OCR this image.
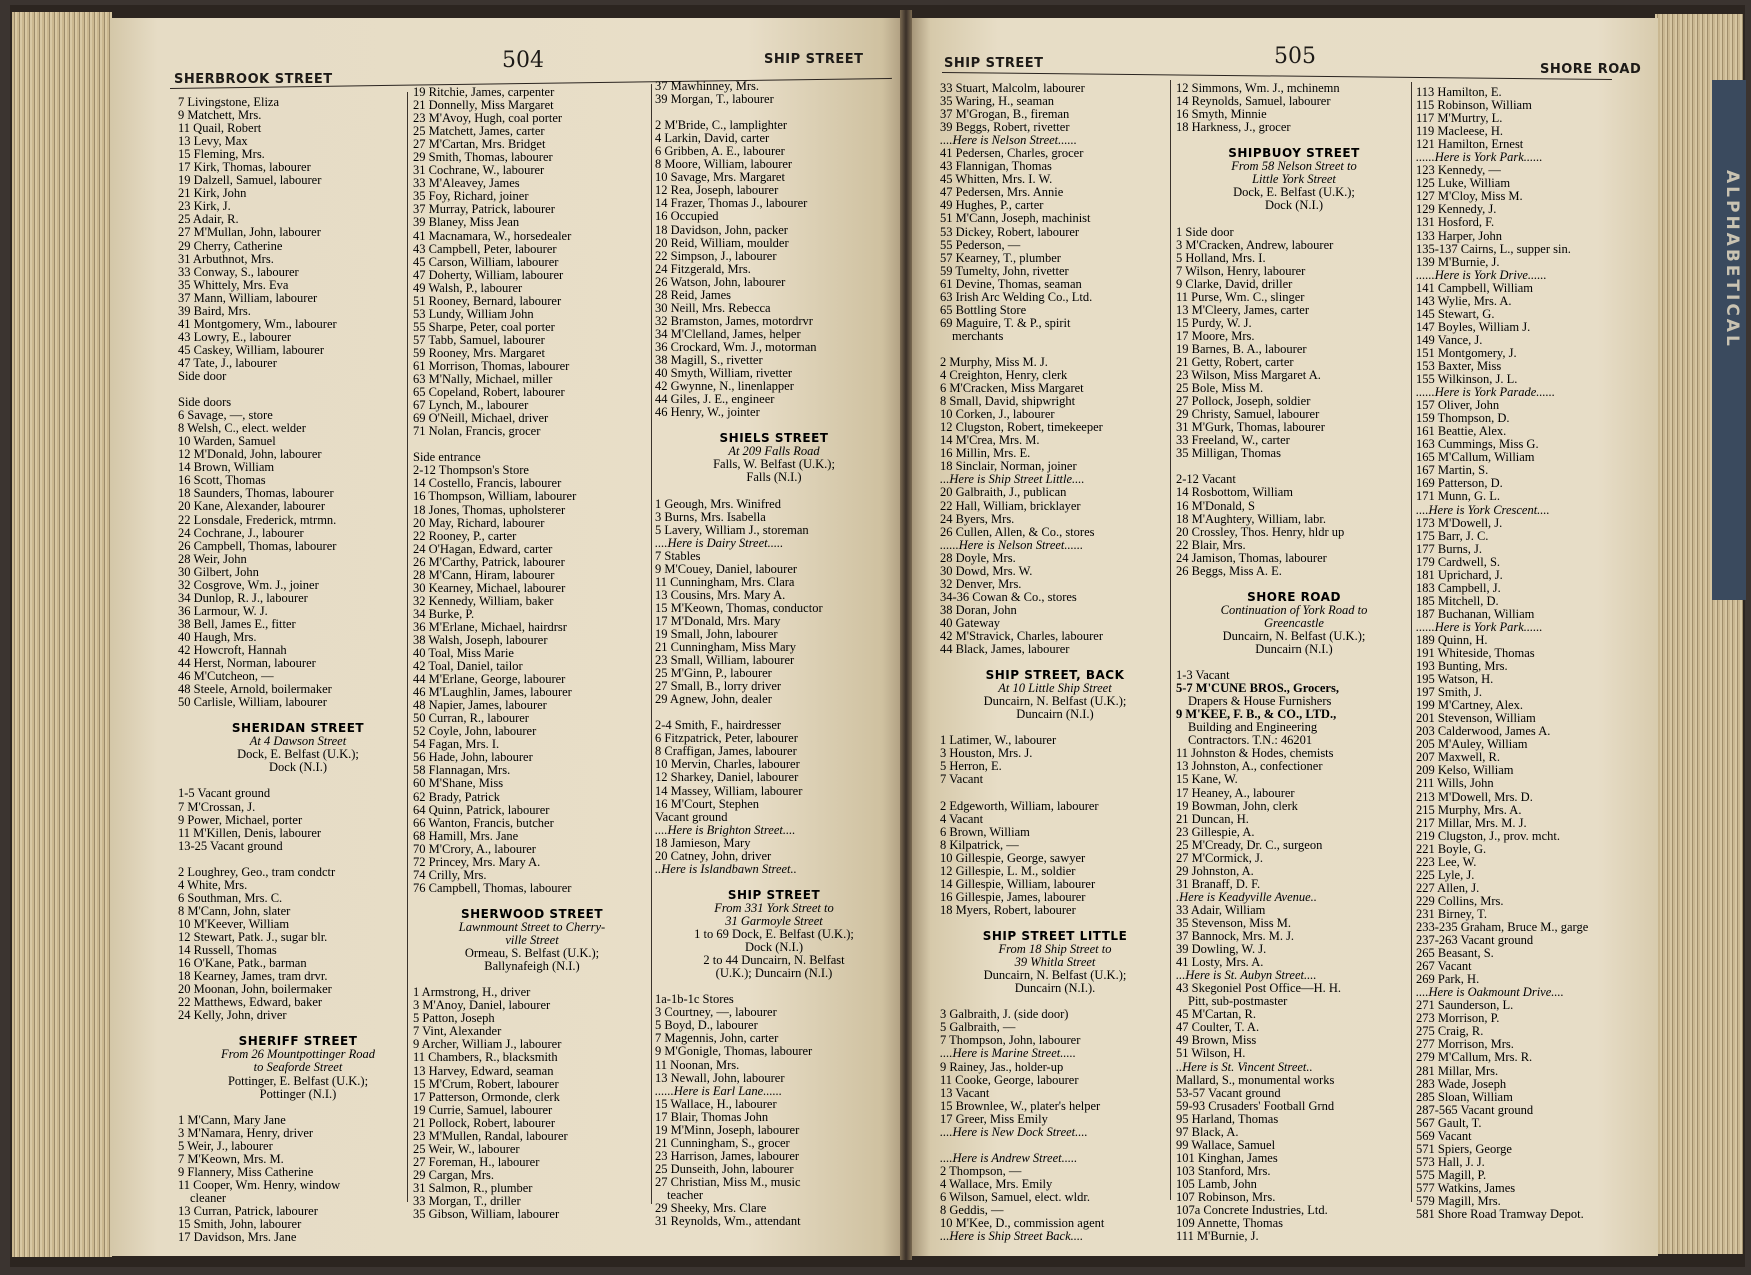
SHERBROOK STREET
504	SHIP STREET	SHIP STREET	505
SHORE ROAD
ALPHABETICAL
7 Livingstone, Eliza
9 Matchett, Mrs.
11 Quail, Robert
13 Levy, Max
15 Fleming, Mrs.
17 Kirk, Thomas, labourer
19 Dalzell, Samuel, labourer
21 Kirk, John
23 Kirk, J.
25 Adair, R.
27 M'Mullan, John, labourer
29 Cherry, Catherine
31 Arbuthnot, Mrs.
33 Conway, S., labourer
35 Whittely, Mrs. Eva
37 Mann, William, labourer
39 Baird, Mrs.
41 Montgomery, Wm., labourer
43 Lowry, E., labourer
45 Caskey, William, labourer
47 Tate, J., labourer
Side door
Side doors
6 Savage, —, store
8 Welsh, C., elect. welder
10 Warden, Samuel
12 M'Donald, John, labourer
14 Brown, William
16 Scott, Thomas
18 Saunders, Thomas, labourer
20 Kane, Alexander, labourer
22 Lonsdale, Frederick, mtrmn.
24 Cochrane, J., labourer
26 Campbell, Thomas, labourer
28 Weir, John
30 Gilbert, John
32 Cosgrove, Wm. J., joiner
34 Dunlop, R. J., labourer
36 Larmour, W. J.
38 Bell, James E., fitter
40 Haugh, Mrs.
42 Howcroft, Hannah
44 Herst, Norman, labourer
46 M'Cutcheon, —
48 Steele, Arnold, boilermaker
50 Carlisle, William, labourer
SHERIDAN STREET
At 4 Dawson Street
Dock, E. Belfast (U.K.);
Dock (N.I.)
1-5 Vacant ground
7 M'Crossan, J.
9 Power, Michael, porter
11 M'Killen, Denis, labourer
13-25 Vacant ground
2 Loughrey, Geo., tram condctr
4 White, Mrs.
6 Southman, Mrs. C.
8 M'Cann, John, slater
10 M'Keever, William
12 Stewart, Patk. J., sugar blr.
14 Russell, Thomas
16 O'Kane, Patk., barman
18 Kearney, James, tram drvr.
20 Moonan, John, boilermaker
22 Matthews, Edward, baker
24 Kelly, John, driver
SHERIFF STREET
From 26 Mountpottinger Road
to Seaforde Street
Pottinger, E. Belfast (U.K.);
Pottinger (N.I.)
1 M'Cann, Mary Jane
3 M'Namara, Henry, driver
5 Weir, J., labourer
7 M'Keown, Mrs. M.
9 Flannery, Miss Catherine
11 Cooper, Wm. Henry, window
cleaner
13 Curran, Patrick, labourer
15 Smith, John, labourer
17 Davidson, Mrs. Jane
19 Ritchie, James, carpenter
21 Donnelly, Miss Margaret
23 M'Avoy, Hugh, coal porter
25 Matchett, James, carter
27 M'Cartan, Mrs. Bridget
29 Smith, Thomas, labourer
31 Cochrane, W., labourer
33 M'Aleavey, James
35 Foy, Richard, joiner
37 Murray, Patrick, labourer
39 Blaney, Miss Jean
41 Macnamara, W., horsedealer
43 Campbell, Peter, labourer
45 Carson, William, labourer
47 Doherty, William, labourer
49 Walsh, P., labourer
51 Rooney, Bernard, labourer
53 Lundy, William John
55 Sharpe, Peter, coal porter
57 Tabb, Samuel, labourer
59 Rooney, Mrs. Margaret
61 Morrison, Thomas, labourer
63 M'Nally, Michael, miller
65 Copeland, Robert, labourer
67 Lynch, M., labourer
69 O'Neill, Michael, driver
71 Nolan, Francis, grocer
Side entrance
2-12 Thompson's Store
14 Costello, Francis, labourer
16 Thompson, William, labourer
18 Jones, Thomas, upholsterer
20 May, Richard, labourer
22 Rooney, P., carter
24 O'Hagan, Edward, carter
26 M'Carthy, Patrick, labourer
28 M'Cann, Hiram, labourer
30 Kearney, Michael, labourer
32 Kennedy, William, baker
34 Burke, P.
36 M'Erlane, Michael, hairdrsr
38 Walsh, Joseph, labourer
40 Toal, Miss Marie
42 Toal, Daniel, tailor
44 M'Erlane, George, labourer
46 M'Laughlin, James, labourer
48 Napier, James, labourer
50 Curran, R., labourer
52 Coyle, John, labourer
54 Fagan, Mrs. I.
56 Hade, John, labourer
58 Flannagan, Mrs.
60 M'Shane, Miss
62 Brady, Patrick
64 Quinn, Patrick, labourer
66 Wanton, Francis, butcher
68 Hamill, Mrs. Jane
70 M'Crory, A., labourer
72 Princey, Mrs. Mary A.
74 Crilly, Mrs.
76 Campbell, Thomas, labourer
SHERWOOD STREET
Lawnmount Street to Cherry-
ville Street
Ormeau, S. Belfast (U.K.);
Ballynafeigh (N.I.)
1 Armstrong, H., driver
3 M'Anoy, Daniel, labourer
5 Patton, Joseph
7 Vint, Alexander
9 Archer, William J., labourer
11 Chambers, R., blacksmith
13 Harvey, Edward, seaman
15 M'Crum, Robert, labourer
17 Patterson, Ormonde, clerk
19 Currie, Samuel, labourer
21 Pollock, Robert, labourer
23 M'Mullen, Randal, labourer
25 Weir, W., labourer
27 Foreman, H., labourer
29 Cargan, Mrs.
31 Salmon, R., plumber
33 Morgan, T., driller
35 Gibson, William, labourer
37 Mawhinney, Mrs.
39 Morgan, T., labourer
2 M'Bride, C., lamplighter
4 Larkin, David, carter
6 Gribben, A. E., labourer
8 Moore, William, labourer
10 Savage, Mrs. Margaret
12 Rea, Joseph, labourer
14 Frazer, Thomas J., labourer
16 Occupied
18 Davidson, John, packer
20 Reid, William, moulder
22 Simpson, J., labourer
24 Fitzgerald, Mrs.
26 Watson, John, labourer
28 Reid, James
30 Neill, Mrs. Rebecca
32 Bramston, James, motordrvr
34 M'Clelland, James, helper
36 Crockard, Wm. J., motorman
38 Magill, S., rivetter
40 Smyth, William, rivetter
42 Gwynne, N., linenlapper
44 Giles, J. E., engineer
46 Henry, W., jointer
SHIELS STREET
At 209 Falls Road
Falls, W. Belfast (U.K.);
Falls (N.I.)
1 Geough, Mrs. Winifred
3 Burns, Mrs. Isabella
5 Lavery, William J., storeman
....Here is Dairy Street.....
7 Stables
9 M'Couey, Daniel, labourer
11 Cunningham, Mrs. Clara
13 Cousins, Mrs. Mary A.
15 M'Keown, Thomas, conductor
17 M'Donald, Mrs. Mary
19 Small, John, labourer
21 Cunningham, Miss Mary
23 Small, William, labourer
25 M'Ginn, P., labourer
27 Small, B., lorry driver
29 Agnew, John, dealer
2-4 Smith, F., hairdresser
6 Fitzpatrick, Peter, labourer
8 Craffigan, James, labourer
10 Mervin, Charles, labourer
12 Sharkey, Daniel, labourer
14 Massey, William, labourer
16 M'Court, Stephen
Vacant ground
....Here is Brighton Street....
18 Jamieson, Mary
20 Catney, John, driver
..Here is Islandbawn Street..
SHIP STREET
From 331 York Street to
31 Garmoyle Street
1 to 69 Dock, E. Belfast (U.K.);
Dock (N.I.)
2 to 44 Duncairn, N. Belfast
(U.K.); Duncairn (N.I.)
1a-1b-1c Stores
3 Courtney, —, labourer
5 Boyd, D., labourer
7 Magennis, John, carter
9 M'Gonigle, Thomas, labourer
11 Noonan, Mrs.
13 Newall, John, labourer
......Here is Earl Lane......
15 Wallace, H., labourer
17 Blair, Thomas John
19 M'Minn, Joseph, labourer
21 Cunningham, S., grocer
23 Harrison, James, labourer
25 Dunseith, John, labourer
27 Christian, Miss M., music
teacher
29 Sheeky, Mrs. Clare
31 Reynolds, Wm., attendant
33 Stuart, Malcolm, labourer
35 Waring, H., seaman
37 M'Grogan, B., fireman
39 Beggs, Robert, rivetter
....Here is Nelson Street......
41 Pedersen, Charles, grocer
43 Flannigan, Thomas
45 Whitten, Mrs. I. W.
47 Pedersen, Mrs. Annie
49 Hughes, P., carter
51 M'Cann, Joseph, machinist
53 Dickey, Robert, labourer
55 Pederson, —
57 Kearney, T., plumber
59 Tumelty, John, rivetter
61 Devine, Thomas, seaman
63 Irish Arc Welding Co., Ltd.
65 Bottling Store
69 Maguire, T. & P., spirit
merchants
2 Murphy, Miss M. J.
4 Creighton, Henry, clerk
6 M'Cracken, Miss Margaret
8 Small, David, shipwright
10 Corken, J., labourer
12 Clugston, Robert, timekeeper
14 M'Crea, Mrs. M.
16 Millin, Mrs. E.
18 Sinclair, Norman, joiner
...Here is Ship Street Little....
20 Galbraith, J., publican
22 Hall, William, bricklayer
24 Byers, Mrs.
26 Cullen, Allen, & Co., stores
......Here is Nelson Street......
28 Doyle, Mrs.
30 Dowd, Mrs. W.
32 Denver, Mrs.
34-36 Cowan & Co., stores
38 Doran, John
40 Gateway
42 M'Stravick, Charles, labourer
44 Black, James, labourer
SHIP STREET, BACK
At 10 Little Ship Street
Duncairn, N. Belfast (U.K.);
Duncairn (N.I.)
1 Latimer, W., labourer
3 Houston, Mrs. J.
5 Herron, E.
7 Vacant
2 Edgeworth, William, labourer
4 Vacant
6 Brown, William
8 Kilpatrick, —
10 Gillespie, George, sawyer
12 Gillespie, L. M., soldier
14 Gillespie, William, labourer
16 Gillespie, James, labourer
18 Myers, Robert, labourer
SHIP STREET LITTLE
From 18 Ship Street to
39 Whitla Street
Duncairn, N. Belfast (U.K.);
Duncairn (N.I.).
3 Galbraith, J. (side door)
5 Galbraith, —
7 Thompson, John, labourer
....Here is Marine Street.....
9 Rainey, Jas., holder-up
11 Cooke, George, labourer
13 Vacant
15 Brownlee, W., plater's helper
17 Greer, Miss Emily
....Here is New Dock Street....
....Here is Andrew Street.....
2 Thompson, —
4 Wallace, Mrs. Emily
6 Wilson, Samuel, elect. wldr.
8 Geddis, —
10 M'Kee, D., commission agent
...Here is Ship Street Back....
12 Simmons, Wm. J., mchinemn
14 Reynolds, Samuel, labourer
16 Smyth, Minnie
18 Harkness, J., grocer
SHIPBUOY STREET
From 58 Nelson Street to
Little York Street
Dock, E. Belfast (U.K.);
Dock (N.I.)
1 Side door
3 M'Cracken, Andrew, labourer
5 Holland, Mrs. I.
7 Wilson, Henry, labourer
9 Clarke, David, driller
11 Purse, Wm. C., slinger
13 M'Cleery, James, carter
15 Purdy, W. J.
17 Moore, Mrs.
19 Barnes, B. A., labourer
21 Getty, Robert, carter
23 Wilson, Miss Margaret A.
25 Bole, Miss M.
27 Pollock, Joseph, soldier
29 Christy, Samuel, labourer
31 M'Gurk, Thomas, labourer
33 Freeland, W., carter
35 Milligan, Thomas
2-12 Vacant
14 Rosbottom, William
16 M'Donald, S
18 M'Aughtery, William, labr.
20 Crossley, Thos. Henry, hldr up
22 Blair, Mrs.
24 Jamison, Thomas, labourer
26 Beggs, Miss A. E.
SHORE ROAD
Continuation of York Road to
Greencastle
Duncairn, N. Belfast (U.K.);
Duncairn (N.I.)
1-3 Vacant
5-7 M'CUNE BROS., Grocers,
Drapers & House Furnishers
9 M'KEE, F. B., & CO., LTD.,
Building and Engineering
Contractors. T.N.: 46201
11 Johnston & Hodes, chemists
13 Johnston, A., confectioner
15 Kane, W.
17 Heaney, A., labourer
19 Bowman, John, clerk
21 Duncan, H.
23 Gillespie, A.
25 M'Cready, Dr. C., surgeon
27 M'Cormick, J.
29 Johnston, A.
31 Branaff, D. F.
.Here is Keadyville Avenue..
33 Adair, William
35 Stevenson, Miss M.
37 Bannock, Mrs. M. J.
39 Dowling, W. J.
41 Losty, Mrs. A.
...Here is St. Aubyn Street....
43 Skegoniel Post Office—H. H.
Pitt, sub-postmaster
45 M'Cartan, R.
47 Coulter, T. A.
49 Brown, Miss
51 Wilson, H.
..Here is St. Vincent Street..
Mallard, S., monumental works
53-57 Vacant ground
59-93 Crusaders' Football Grnd
95 Harland, Thomas
97 Black, A.
99 Wallace, Samuel
101 Kinghan, James
103 Stanford, Mrs.
105 Lamb, John
107 Robinson, Mrs.
107a Concrete Industries, Ltd.
109 Annette, Thomas
111 M'Burnie, J.
113 Hamilton, E.
115 Robinson, William
117 M'Murtry, L.
119 Macleese, H.
121 Hamilton, Ernest
......Here is York Park......
123 Kennedy, —
125 Luke, William
127 M'Cloy, Miss M.
129 Kennedy, J.
131 Hosford, F.
133 Harper, John
135-137 Cairns, L., supper sin.
139 M'Burnie, J.
......Here is York Drive......
141 Campbell, William
143 Wylie, Mrs. A.
145 Stewart, G.
147 Boyles, William J.
149 Vance, J.
151 Montgomery, J.
153 Baxter, Miss
155 Wilkinson, J. L.
......Here is York Parade......
157 Oliver, John
159 Thompson, D.
161 Beattie, Alex.
163 Cummings, Miss G.
165 M'Callum, William
167 Martin, S.
169 Patterson, D.
171 Munn, G. L.
....Here is York Crescent....
173 M'Dowell, J.
175 Barr, J. C.
177 Burns, J.
179 Cardwell, S.
181 Uprichard, J.
183 Campbell, J.
185 Mitchell, D.
187 Buchanan, William
......Here is York Park......
189 Quinn, H.
191 Whiteside, Thomas
193 Bunting, Mrs.
195 Watson, H.
197 Smith, J.
199 M'Cartney, Alex.
201 Stevenson, William
203 Calderwood, James A.
205 M'Auley, William
207 Maxwell, R.
209 Kelso, William
211 Wills, John
213 M'Dowell, Mrs. D.
215 Murphy, Mrs. A.
217 Millar, Mrs. M. J.
219 Clugston, J., prov. mcht.
221 Boyle, G.
223 Lee, W.
225 Lyle, J.
227 Allen, J.
229 Collins, Mrs.
231 Birney, T.
233-235 Graham, Bruce M., garge
237-263 Vacant ground
265 Beasant, S.
267 Vacant
269 Park, H.
....Here is Oakmount Drive....
271 Saunderson, L.
273 Morrison, P.
275 Craig, R.
277 Morrison, Mrs.
279 M'Callum, Mrs. R.
281 Millar, Mrs.
283 Wade, Joseph
285 Sloan, William
287-565 Vacant ground
567 Gault, T.
569 Vacant
571 Spiers, George
573 Hall, J. J.
575 Magill, P.
577 Watkins, James
579 Magill, Mrs.
581 Shore Road Tramway Depot.
